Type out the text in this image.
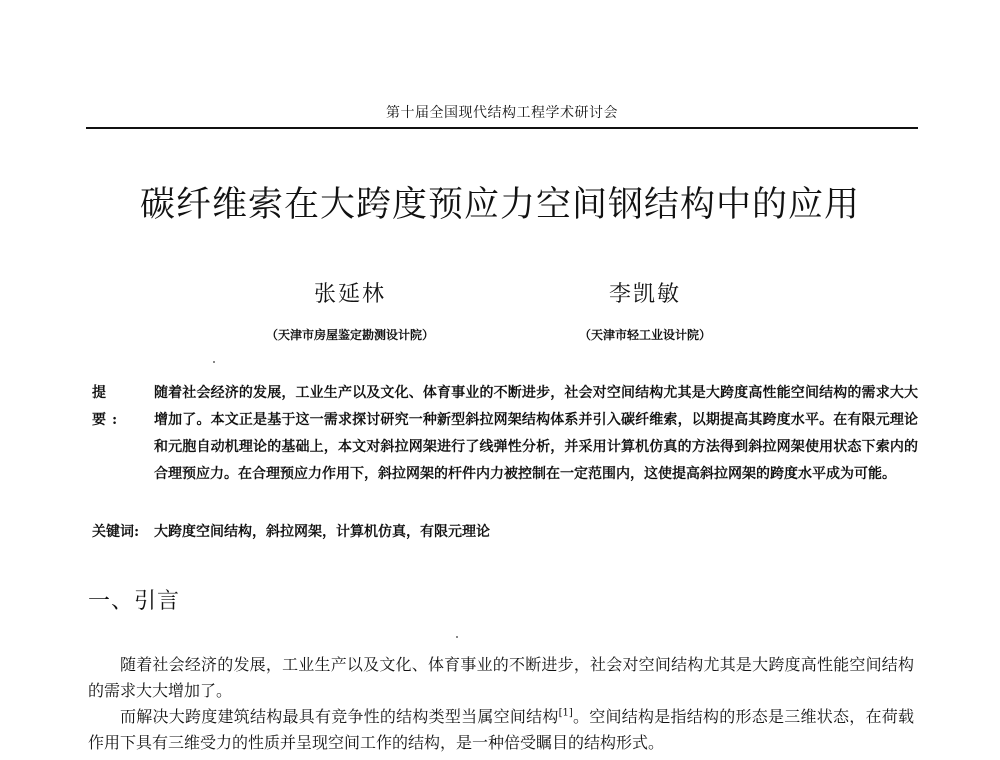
第十届全国现代结构工程学术研讨会
碳纤维索在大跨度预应力空间钢结构中的应用
张延林
（天津市房屋鉴定勘测设计院）
李凯敏
（天津市轻工业设计院）
提 要:
随着社会经济的发展，工业生产以及文化、体育事业的不断进步，社会对空间结构尤其是大跨度高性能空间结构的需求大大增加了。本文正是基于这一需求探讨研究一种新型斜拉网架结构体系并引入碳纤维索，以期提高其跨度水平。在有限元理论和元胞自动机理论的基础上，本文对斜拉网架进行了线弹性分析，并采用计算机仿真的方法得到斜拉网架使用状态下索内的合理预应力。在合理预应力作用下，斜拉网架的杆件内力被控制在一定范围内，这使提高斜拉网架的跨度水平成为可能。
关键词:	大跨度空间结构，斜拉网架，计算机仿真，有限元理论
一、引言

随着社会经济的发展，工业生产以及文化、体育事业的不断进步，社会对空间结构尤其是大跨度高性能空间结构的需求大大增加了。

而解决大跨度建筑结构最具有竞争性的结构类型当属空间结构[1]。空间结构是指结构的形态是三维状态，在荷载作用下具有三维受力的性质并呈现空间工作的结构，是一种倍受瞩目的结构形式。
